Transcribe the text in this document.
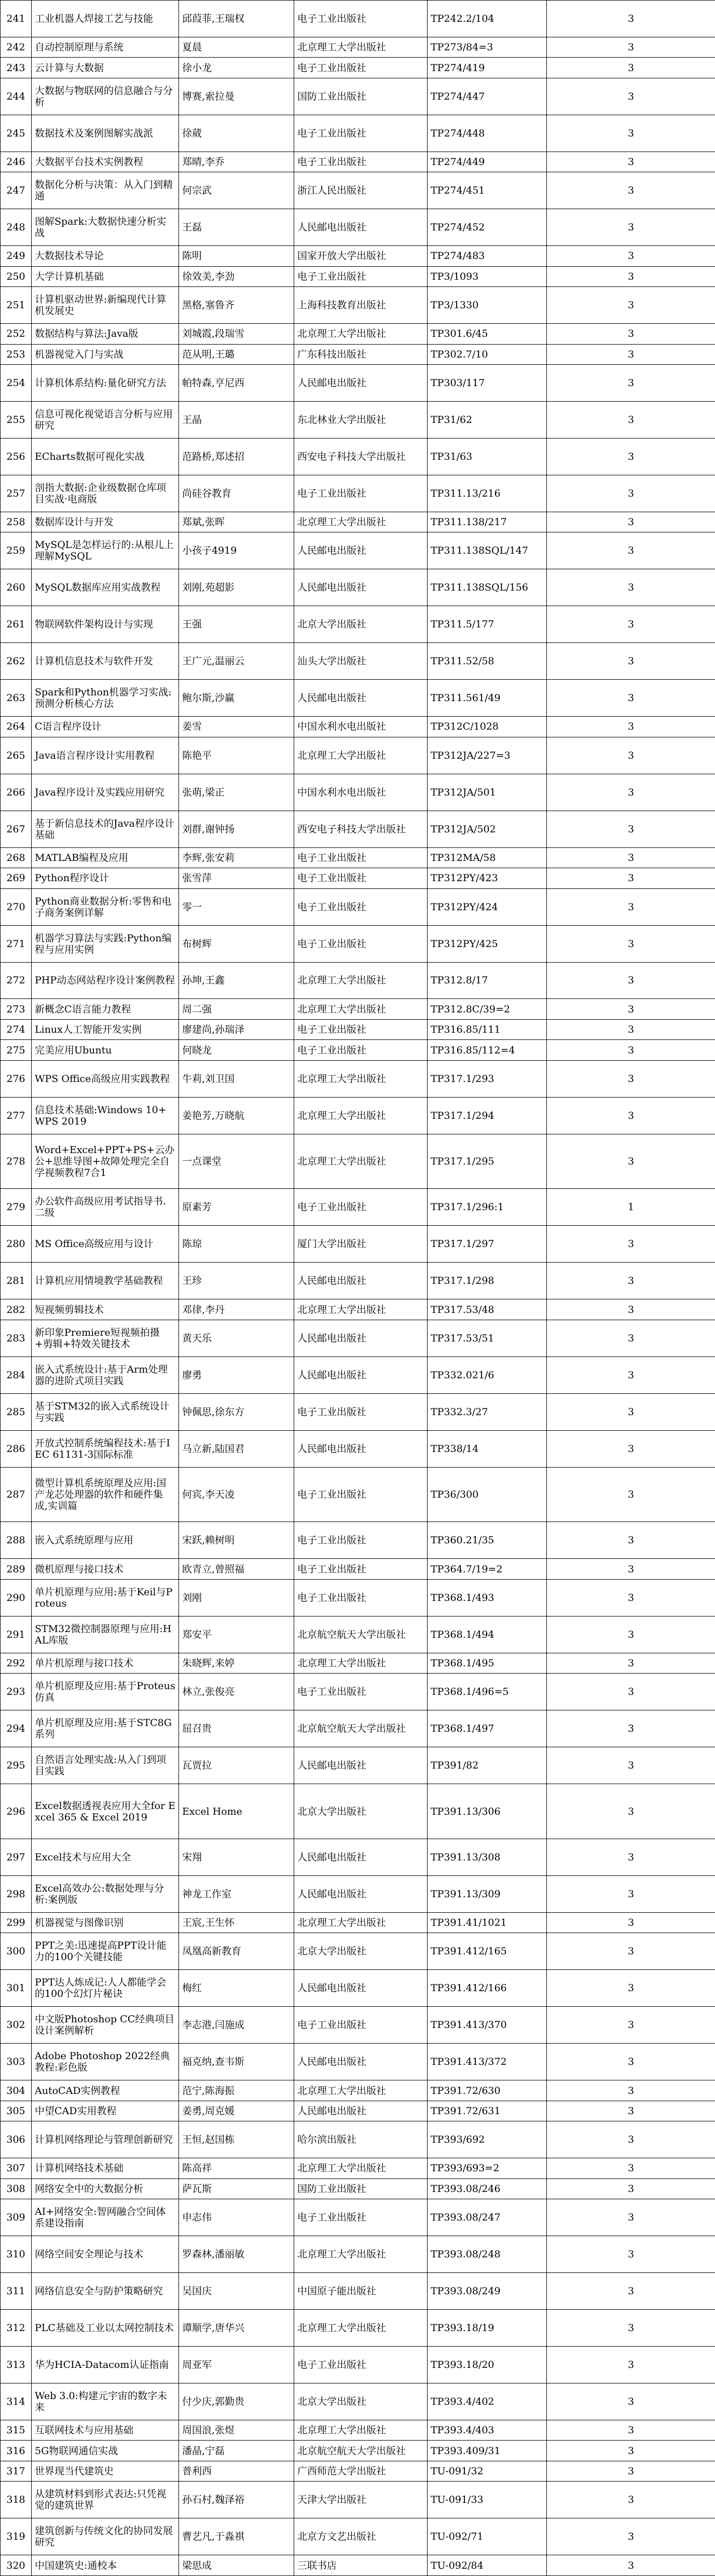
241	工业机器人焊接工艺与技能	邱葭菲,王瑞权	电子工业出版社	TP242.2/104	3
242	自动控制原理与系统	夏晨	北京理工大学出版社	TP273/84=3	3
243	云计算与大数据	徐小龙	电子工业出版社	TP274/419	3
244	大数据与物联网的信息融合与分析	博赛,索拉曼	国防工业出版社	TP274/447	3
245	数据技术及案例图解实战派	徐葳	电子工业出版社	TP274/448	3
246	大数据平台技术实例教程	郑晴,李乔	电子工业出版社	TP274/449	3
247	数据化分析与决策：从入门到精通	何宗武	浙江人民出版社	TP274/451	3
248	图解Spark:大数据快速分析实战	王磊	人民邮电出版社	TP274/452	3
249	大数据技术导论	陈明	国家开放大学出版社	TP274/483	3
250	大学计算机基础	徐效美,李劲	电子工业出版社	TP3/1093	3
251	计算机驱动世界:新编现代计算机发展史	黑格,塞鲁齐	上海科技教育出版社	TP3/1330	3
252	数据结构与算法:Java版	刘城霞,段瑞雪	北京理工大学出版社	TP301.6/45	3
253	机器视觉入门与实战	范从明,王璐	广东科技出版社	TP302.7/10	3
254	计算机体系结构:量化研究方法	帕特森,亨尼西	人民邮电出版社	TP303/117	3
255	信息可视化视觉语言分析与应用研究	王晶	东北林业大学出版社	TP31/62	3
256	ECharts数据可视化实战	范路桥,郑述招	西安电子科技大学出版社	TP31/63	3
257	剖指大数据:企业级数据仓库项目实战·电商版	尚硅谷教育	电子工业出版社	TP311.13/216	3
258	数据库设计与开发	郑斌,张晖	北京理工大学出版社	TP311.138/217	3
259	MySQL是怎样运行的:从根儿上理解MySQL	小孩子4919	人民邮电出版社	TP311.138SQL/147	3
260	MySQL数据库应用实战教程	刘刚,苑超影	人民邮电出版社	TP311.138SQL/156	3
261	物联网软件架构设计与实现	王强	北京大学出版社	TP311.5/177	3
262	计算机信息技术与软件开发	王广元,温丽云	汕头大学出版社	TP311.52/58	3
263	Spark和Python机器学习实战:预测分析核心方法	鲍尔斯,沙赢	人民邮电出版社	TP311.561/49	3
264	C语言程序设计	姜雪	中国水利水电出版社	TP312C/1028	3
265	Java语言程序设计实用教程	陈艳平	北京理工大学出版社	TP312JA/227=3	3
266	Java程序设计及实践应用研究	张萌,梁正	中国水利水电出版社	TP312JA/501	3
267	基于新信息技术的Java程序设计基础	刘群,谢钟扬	西安电子科技大学出版社	TP312JA/502	3
268	MATLAB编程及应用	李辉,张安莉	电子工业出版社	TP312MA/58	3
269	Python程序设计	张雪萍	电子工业出版社	TP312PY/423	3
270	Python商业数据分析:零售和电子商务案例详解	零一	电子工业出版社	TP312PY/424	3
271	机器学习算法与实践:Python编程与应用实例	布树辉	电子工业出版社	TP312PY/425	3
272	PHP动态网站程序设计案例教程	孙坤,王鑫	北京理工大学出版社	TP312.8/17	3
273	新概念C语言能力教程	周二强	北京理工大学出版社	TP312.8C/39=2	3
274	Linux人工智能开发实例	廖建尚,孙瑞泽	电子工业出版社	TP316.85/111	3
275	完美应用Ubuntu	何晓龙	电子工业出版社	TP316.85/112=4	3
276	WPS Office高级应用实践教程	牛莉,刘卫国	北京理工大学出版社	TP317.1/293	3
277	信息技术基础:Windows 10+WPS 2019	姜艳芳,万晓航	北京理工大学出版社	TP317.1/294	3
278	Word+Excel+PPT+PS+云办公+思维导图+故障处理完全自学视频教程7合1	一点课堂	北京理工大学出版社	TP317.1/295	3
279	办公软件高级应用考试指导书.二级	原素芳	电子工业出版社	TP317.1/296:1	1
280	MS Office高级应用与设计	陈琼	厦门大学出版社	TP317.1/297	3
281	计算机应用情境教学基础教程	王珍	人民邮电出版社	TP317.1/298	3
282	短视频剪辑技术	邓律,李丹	北京理工大学出版社	TP317.53/48	3
283	新印象Premiere短视频拍摄+剪辑+特效关键技术	黄天乐	人民邮电出版社	TP317.53/51	3
284	嵌入式系统设计:基于Arm处理器的进阶式项目实践	廖勇	人民邮电出版社	TP332.021/6	3
285	基于STM32的嵌入式系统设计与实践	钟佩思,徐东方	电子工业出版社	TP332.3/27	3
286	开放式控制系统编程技术:基于IEC 61131-3国际标准	马立新,陆国君	人民邮电出版社	TP338/14	3
287	微型计算机系统原理及应用:国产龙芯处理器的软件和硬件集成,实训篇	何宾,李天凌	电子工业出版社	TP36/300	3
288	嵌入式系统原理与应用	宋跃,赖树明	电子工业出版社	TP360.21/35	3
289	微机原理与接口技术	欧青立,曾照福	电子工业出版社	TP364.7/19=2	3
290	单片机原理与应用:基于Keil与Proteus	刘刚	电子工业出版社	TP368.1/493	3
291	STM32微控制器原理与应用:HAL库版	郑安平	北京航空航天大学出版社	TP368.1/494	3
292	单片机原理与接口技术	朱晓辉,来婷	北京理工大学出版社	TP368.1/495	3
293	单片机原理及应用:基于Proteus仿真	林立,张俊亮	电子工业出版社	TP368.1/496=5	3
294	单片机原理及应用:基于STC8G系列	屈召贵	北京航空航天大学出版社	TP368.1/497	3
295	自然语言处理实战:从入门到项目实践	瓦贾拉	人民邮电出版社	TP391/82	3
296	Excel数据透视表应用大全for Excel 365 & Excel 2019	Excel Home	北京大学出版社	TP391.13/306	3
297	Excel技术与应用大全	宋翔	人民邮电出版社	TP391.13/308	3
298	Excel高效办公:数据处理与分析:案例版	神龙工作室	人民邮电出版社	TP391.13/309	3
299	机器视觉与图像识别	王宸,王生怀	北京理工大学出版社	TP391.41/1021	3
300	PPT之美:迅速提高PPT设计能力的100个关键技能	凤凰高新教育	北京大学出版社	TP391.412/165	3
301	PPT达人炼成记:人人都能学会的100个幻灯片秘诀	梅红	人民邮电出版社	TP391.412/166	3
302	中文版Photoshop CC经典项目设计案例解析	李志港,闫施成	电子工业出版社	TP391.413/370	3
303	Adobe Photoshop 2022经典教程:彩色版	福克纳,查韦斯	人民邮电出版社	TP391.413/372	3
304	AutoCAD实例教程	范宁,陈海振	北京理工大学出版社	TP391.72/630	3
305	中望CAD实用教程	姜勇,周克媛	人民邮电出版社	TP391.72/631	3
306	计算机网络理论与管理创新研究	王恒,赵国栋	哈尔滨出版社	TP393/692	3
307	计算机网络技术基础	陈高祥	北京理工大学出版社	TP393/693=2	3
308	网络安全中的大数据分析	萨瓦斯	国防工业出版社	TP393.08/246	3
309	AI+网络安全:智网融合空间体系建设指南	申志伟	电子工业出版社	TP393.08/247	3
310	网络空间安全理论与技术	罗森林,潘丽敏	北京理工大学出版社	TP393.08/248	3
311	网络信息安全与防护策略研究	吴国庆	中国原子能出版社	TP393.08/249	3
312	PLC基础及工业以太网控制技术	谭顺学,唐华兴	北京理工大学出版社	TP393.18/19	3
313	华为HCIA-Datacom认证指南	周亚军	电子工业出版社	TP393.18/20	3
314	Web 3.0:构建元宇宙的数字未来	付少庆,郭勤贵	北京大学出版社	TP393.4/402	3
315	互联网技术与应用基础	周国浪,张煜	北京理工大学出版社	TP393.4/403	3
316	5G物联网通信实战	潘晶,宁磊	北京航空航天大学出版社	TP393.409/31	3
317	世界现当代建筑史	普利西	广西师范大学出版社	TU-091/32	3
318	从建筑材料到形式表达:只凭视觉的建筑世界	孙石村,魏泽裕	天津大学出版社	TU-091/33	3
319	建筑创新与传统文化的协同发展研究	曹艺凡,于淼祺	北京方文艺出版社	TU-092/71	3
320	中国建筑史:通校本	梁思成	三联书店	TU-092/84	3
